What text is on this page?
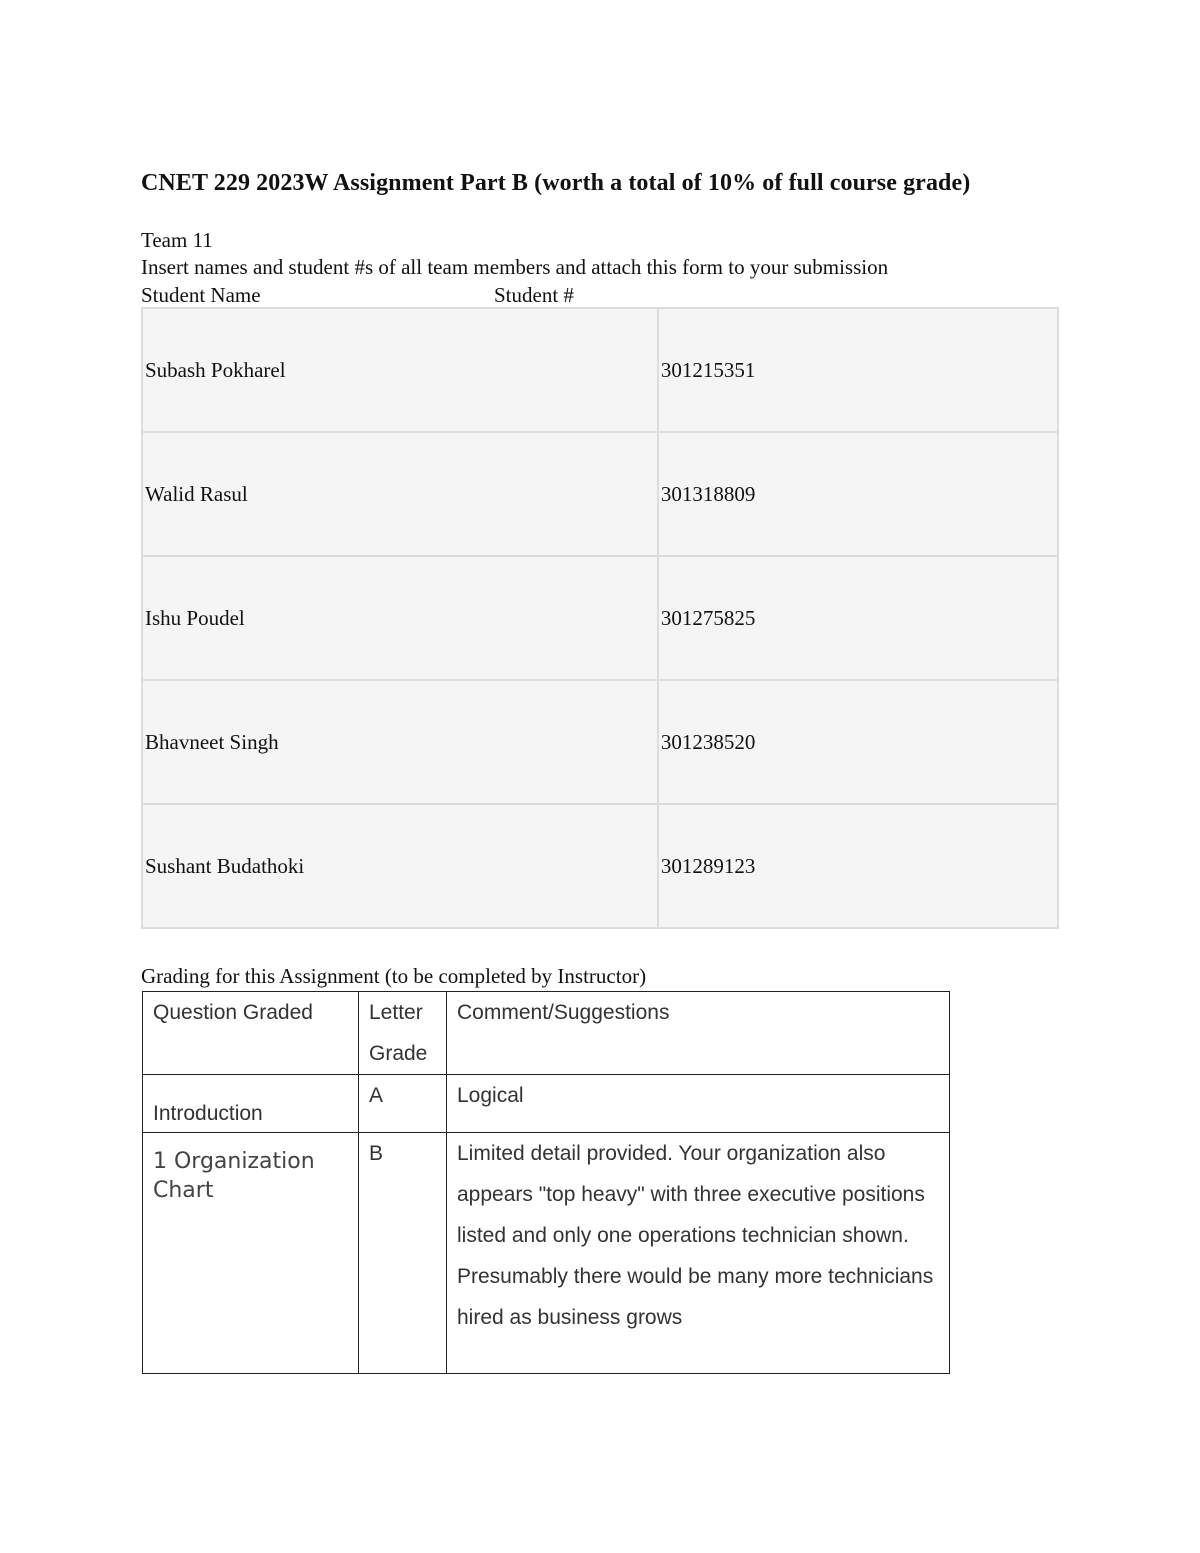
CNET 229 2023W Assignment Part B (worth a total of 10% of full course grade)

Team 11

Insert names and student #s of all team members and attach this form to your submission

Student Name	Student #
Subash Pokharel	301215351
Walid Rasul	301318809
Ishu Poudel	301275825
Bhavneet Singh	301238520
Sushant Budathoki	301289123

Grading for this Assignment (to be completed by Instructor)

Question Graded	Letter Grade	Comment/Suggestions
Introduction	A	Logical

1 Organization Chart	B	Limited detail provided. Your organization also appears "top heavy" with three executive positions listed and only one operations technician shown. Presumably there would be many more technicians hired as business grows
